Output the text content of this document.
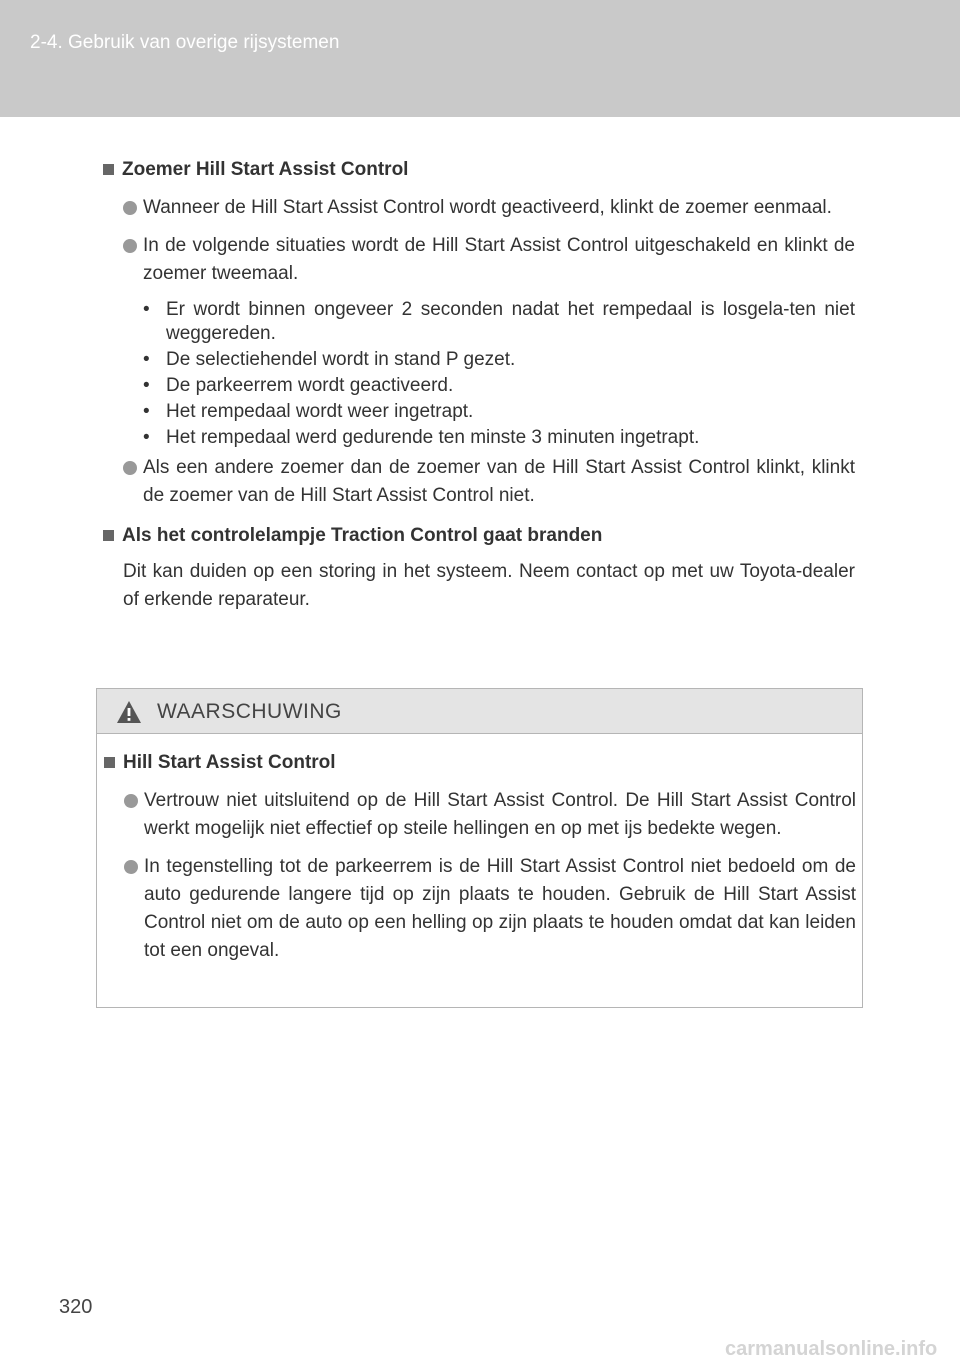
2-4. Gebruik van overige rijsystemen
Zoemer Hill Start Assist Control
Wanneer de Hill Start Assist Control wordt geactiveerd, klinkt de zoemer eenmaal.
In de volgende situaties wordt de Hill Start Assist Control uitgeschakeld en klinkt de zoemer tweemaal.
• Er wordt binnen ongeveer 2 seconden nadat het rempedaal is losgela-ten niet weggereden.
• De selectiehendel wordt in stand P gezet.
• De parkeerrem wordt geactiveerd.
• Het rempedaal wordt weer ingetrapt.
• Het rempedaal werd gedurende ten minste 3 minuten ingetrapt.
Als een andere zoemer dan de zoemer van de Hill Start Assist Control klinkt, klinkt de zoemer van de Hill Start Assist Control niet.
Als het controlelampje Traction Control gaat branden
Dit kan duiden op een storing in het systeem. Neem contact op met uw Toyota-dealer of erkende reparateur.
WAARSCHUWING
Hill Start Assist Control
Vertrouw niet uitsluitend op de Hill Start Assist Control. De Hill Start Assist Control werkt mogelijk niet effectief op steile hellingen en op met ijs bedekte wegen.
In tegenstelling tot de parkeerrem is de Hill Start Assist Control niet bedoeld om de auto gedurende langere tijd op zijn plaats te houden. Gebruik de Hill Start Assist Control niet om de auto op een helling op zijn plaats te houden omdat dat kan leiden tot een ongeval.
320
carmanualsonline.info
